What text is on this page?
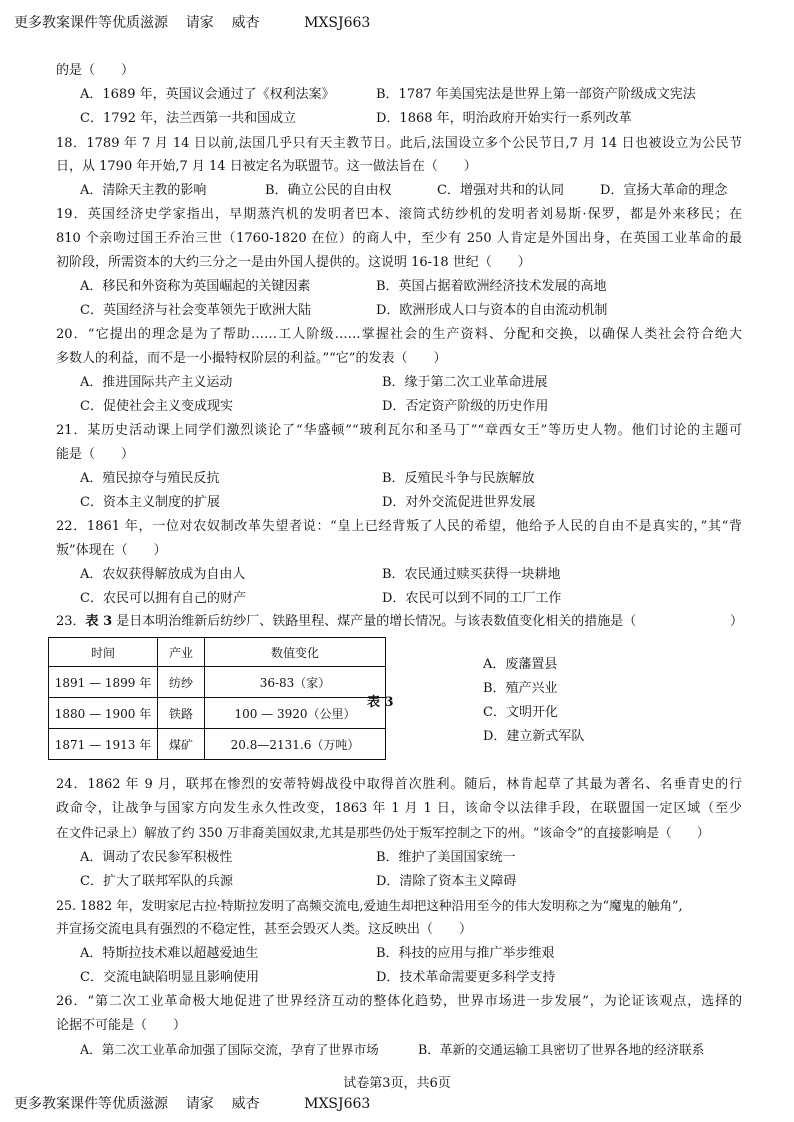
更多教案课件等优质滋源    请家    威杏          MXSJ663
的是（　　）
A．1689 年，英国议会通过了《权利法案》	B．1787 年美国宪法是世界上第一部资产阶级成文宪法
C．1792 年，法兰西第一共和国成立	D．1868 年，明治政府开始实行一系列改革
18．1789 年 7 月 14 日以前,法国几乎只有天主教节日。此后,法国设立多个公民节日,7 月 14 日也被设立为公民节
日，从 1790 年开始,7 月 14 日被定名为联盟节。这一做法旨在（　　）
A．清除天主教的影响	B．确立公民的自由权	C．增强对共和的认同	D．宣扬大革命的理念
19．英国经济史学家指出，早期蒸汽机的发明者巴本、滚筒式纺纱机的发明者刘易斯·保罗，都是外来移民；在
810 个亲吻过国王乔治三世（1760-1820 在位）的商人中，至少有 250 人肯定是外国出身，在英国工业革命的最
初阶段，所需资本的大约三分之一是由外国人提供的。这说明 16-18 世纪（　　）
A．移民和外资称为英国崛起的关键因素	B．英国占据着欧洲经济技术发展的高地
C．英国经济与社会变革领先于欧洲大陆	D．欧洲形成人口与资本的自由流动机制
20．“它提出的理念是为了帮助……工人阶级……掌握社会的生产资料、分配和交换，以确保人类社会符合绝大
多数人的利益，而不是一小撮特权阶层的利益。”“它”的发表（　　）
A．推进国际共产主义运动	B．缘于第二次工业革命进展
C．促使社会主义变成现实	D．否定资产阶级的历史作用
21．某历史活动课上同学们激烈谈论了“华盛顿”“玻利瓦尔和圣马丁”“章西女王”等历史人物。他们讨论的主题可
能是（　　）
A．殖民掠夺与殖民反抗	B．反殖民斗争与民族解放
C．资本主义制度的扩展	D．对外交流促进世界发展
22．1861 年，一位对农奴制改革失望者说：“皇上已经背叛了人民的希望，他给予人民的自由不是真实的，”其“背
叛”体现在（　　）
A．农奴获得解放成为自由人	B．农民通过赎买获得一块耕地
C．农民可以拥有自己的财产	D．农民可以到不同的工厂工作
23．表 3 是日本明治维新后纺纱厂、铁路里程、煤产量的增长情况。与该表数值变化相关的措施是（	）
时间	产业	数值变化
1891 — 1899 年	纺纱	36-83（家）
1880 — 1900 年	铁路	100 — 3920（公里）
1871 — 1913 年	煤矿	20.8—2131.6（万吨）
表 3
A．废藩置县
B．殖产兴业
C．文明开化
D．建立新式军队
24．1862 年 9 月，联邦在惨烈的安蒂特姆战役中取得首次胜利。随后，林肯起草了其最为著名、名垂青史的行
政命令，让战争与国家方向发生永久性改变，1863 年 1 月 1 日，该命令以法律手段，在联盟国一定区域（至少
在文件记录上）解放了约 350 万非裔美国奴隶,尤其是那些仍处于叛军控制之下的州。“该命令”的直接影响是（　　）
A．调动了农民参军积极性	B．维护了美国国家统一
C．扩大了联邦军队的兵源	D．清除了资本主义障碍
25. 1882 年，发明家尼古拉·特斯拉发明了高频交流电,爱迪生却把这种沿用至今的伟大发明称之为“魔鬼的触角”,
并宣扬交流电具有强烈的不稳定性，甚至会毁灭人类。这反映出（　　）
A．特斯拉技术难以超越爱迪生	B．科技的应用与推广举步维艰
C．交流电缺陷明显且影响使用	D．技术革命需要更多科学支持
26．“第二次工业革命极大地促进了世界经济互动的整体化趋势，世界市场进一步发展”，为论证该观点，选择的
论据不可能是（　　）
A．第二次工业革命加强了国际交流，孕育了世界市场	B．革新的交通运输工具密切了世界各地的经济联系
试卷第3页，共6页
更多教案课件等优质滋源    请家    威杏          MXSJ663
